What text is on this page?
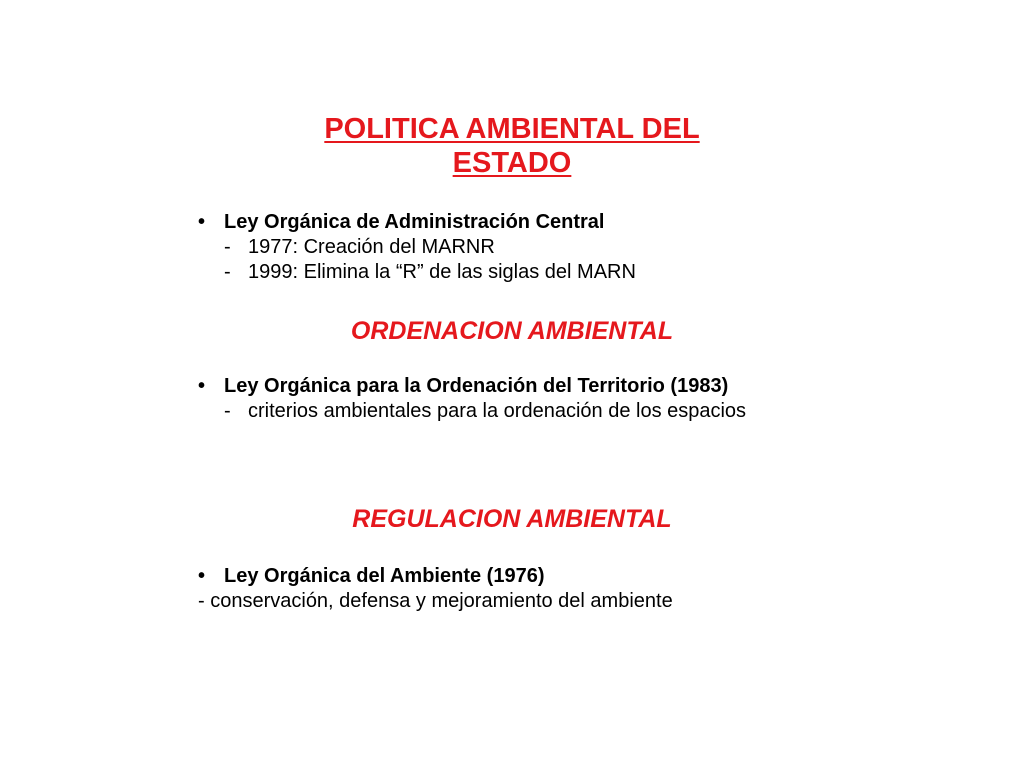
POLITICA AMBIENTAL DEL
ESTADO
• Ley Orgánica de Administración Central
- 1977: Creación del MARNR
- 1999: Elimina la “R” de las siglas del MARN
ORDENACION AMBIENTAL
• Ley Orgánica para la Ordenación del Territorio (1983)
- criterios ambientales para la ordenación de los espacios
REGULACION AMBIENTAL
• Ley Orgánica del Ambiente (1976)
- conservación, defensa y mejoramiento del ambiente
